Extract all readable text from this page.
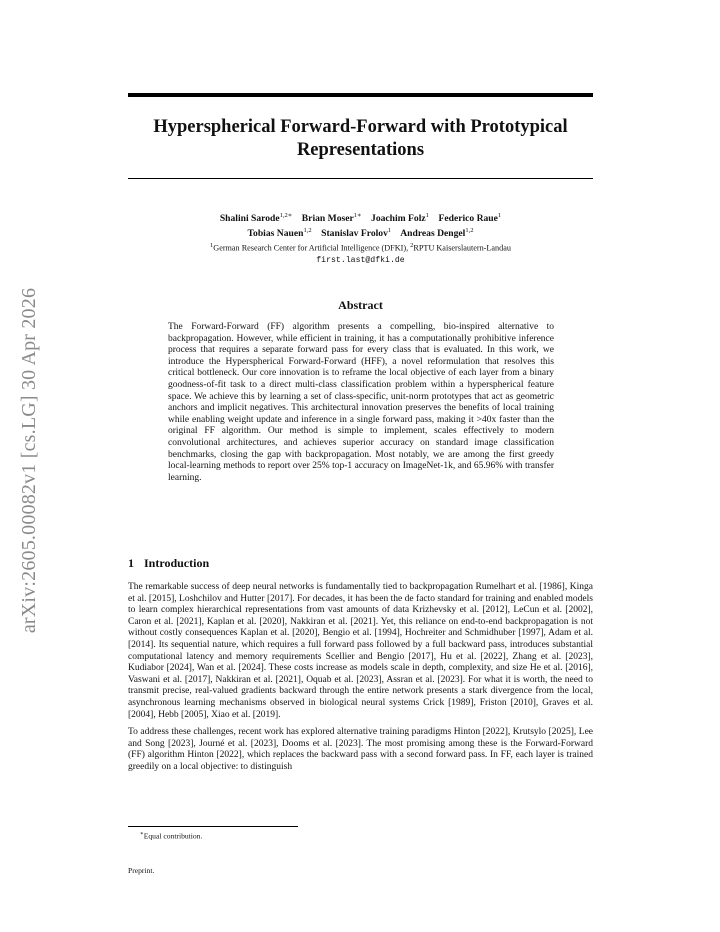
arXiv:2605.00082v1 [cs.LG] 30 Apr 2026
Hyperspherical Forward-Forward with Prototypical
Representations
Shalini Sarode$^{1,2∗}$ Brian Moser$^{1∗}$ Joachim Folz$^1$ Federico Raue$^1$
Tobias Nauen$^{1,2}$ Stanislav Frolov$^1$ Andreas Dengel$^{1,2}$
$^1$German Research Center for Artificial Intelligence (DFKI), $^2$RPTU Kaiserslautern-Landau
first.last@dfki.de
Abstract
The Forward-Forward (FF) algorithm presents a compelling, bio-inspired alternative to backpropagation. However, while efficient in training, it has a computationally prohibitive inference process that requires a separate forward pass for every class that is evaluated. In this work, we introduce the Hyperspherical Forward-Forward (HFF), a novel reformulation that resolves this critical bottleneck. Our core innovation is to reframe the local objective of each layer from a binary goodness-of-fit task to a direct multi-class classification problem within a hyperspherical feature space. We achieve this by learning a set of class-specific, unit-norm prototypes that act as geometric anchors and implicit negatives. This architectural innovation preserves the benefits of local training while enabling weight update and inference in a single forward pass, making it >40x faster than the original FF algorithm. Our method is simple to implement, scales effectively to modern convolutional architectures, and achieves superior accuracy on standard image classification benchmarks, closing the gap with backpropagation. Most notably, we are among the first greedy local-learning methods to report over 25% top-1 accuracy on ImageNet-1k, and 65.96% with transfer learning.
1 Introduction

The remarkable success of deep neural networks is fundamentally tied to backpropagation Rumelhart et al. [1986], Kinga et al. [2015], Loshchilov and Hutter [2017]. For decades, it has been the de facto standard for training and enabled models to learn complex hierarchical representations from vast amounts of data Krizhevsky et al. [2012], LeCun et al. [2002], Caron et al. [2021], Kaplan et al. [2020], Nakkiran et al. [2021]. Yet, this reliance on end-to-end backpropagation is not without costly consequences Kaplan et al. [2020], Bengio et al. [1994], Hochreiter and Schmidhuber [1997], Adam et al. [2014]. Its sequential nature, which requires a full forward pass followed by a full backward pass, introduces substantial computational latency and memory requirements Scellier and Bengio [2017], Hu et al. [2022], Zhang et al. [2023], Kudiabor [2024], Wan et al. [2024]. These costs increase as models scale in depth, complexity, and size He et al. [2016], Vaswani et al. [2017], Nakkiran et al. [2021], Oquab et al. [2023], Assran et al. [2023]. For what it is worth, the need to transmit precise, real-valued gradients backward through the entire network presents a stark divergence from the local, asynchronous learning mechanisms observed in biological neural systems Crick [1989], Friston [2010], Graves et al. [2004], Hebb [2005], Xiao et al. [2019].

To address these challenges, recent work has explored alternative training paradigms Hinton [2022], Krutsylo [2025], Lee and Song [2023], Journé et al. [2023], Dooms et al. [2023]. The most promising among these is the Forward-Forward (FF) algorithm Hinton [2022], which replaces the backward pass with a second forward pass. In FF, each layer is trained greedily on a local objective: to distinguish

∗Equal contribution.
Preprint.
